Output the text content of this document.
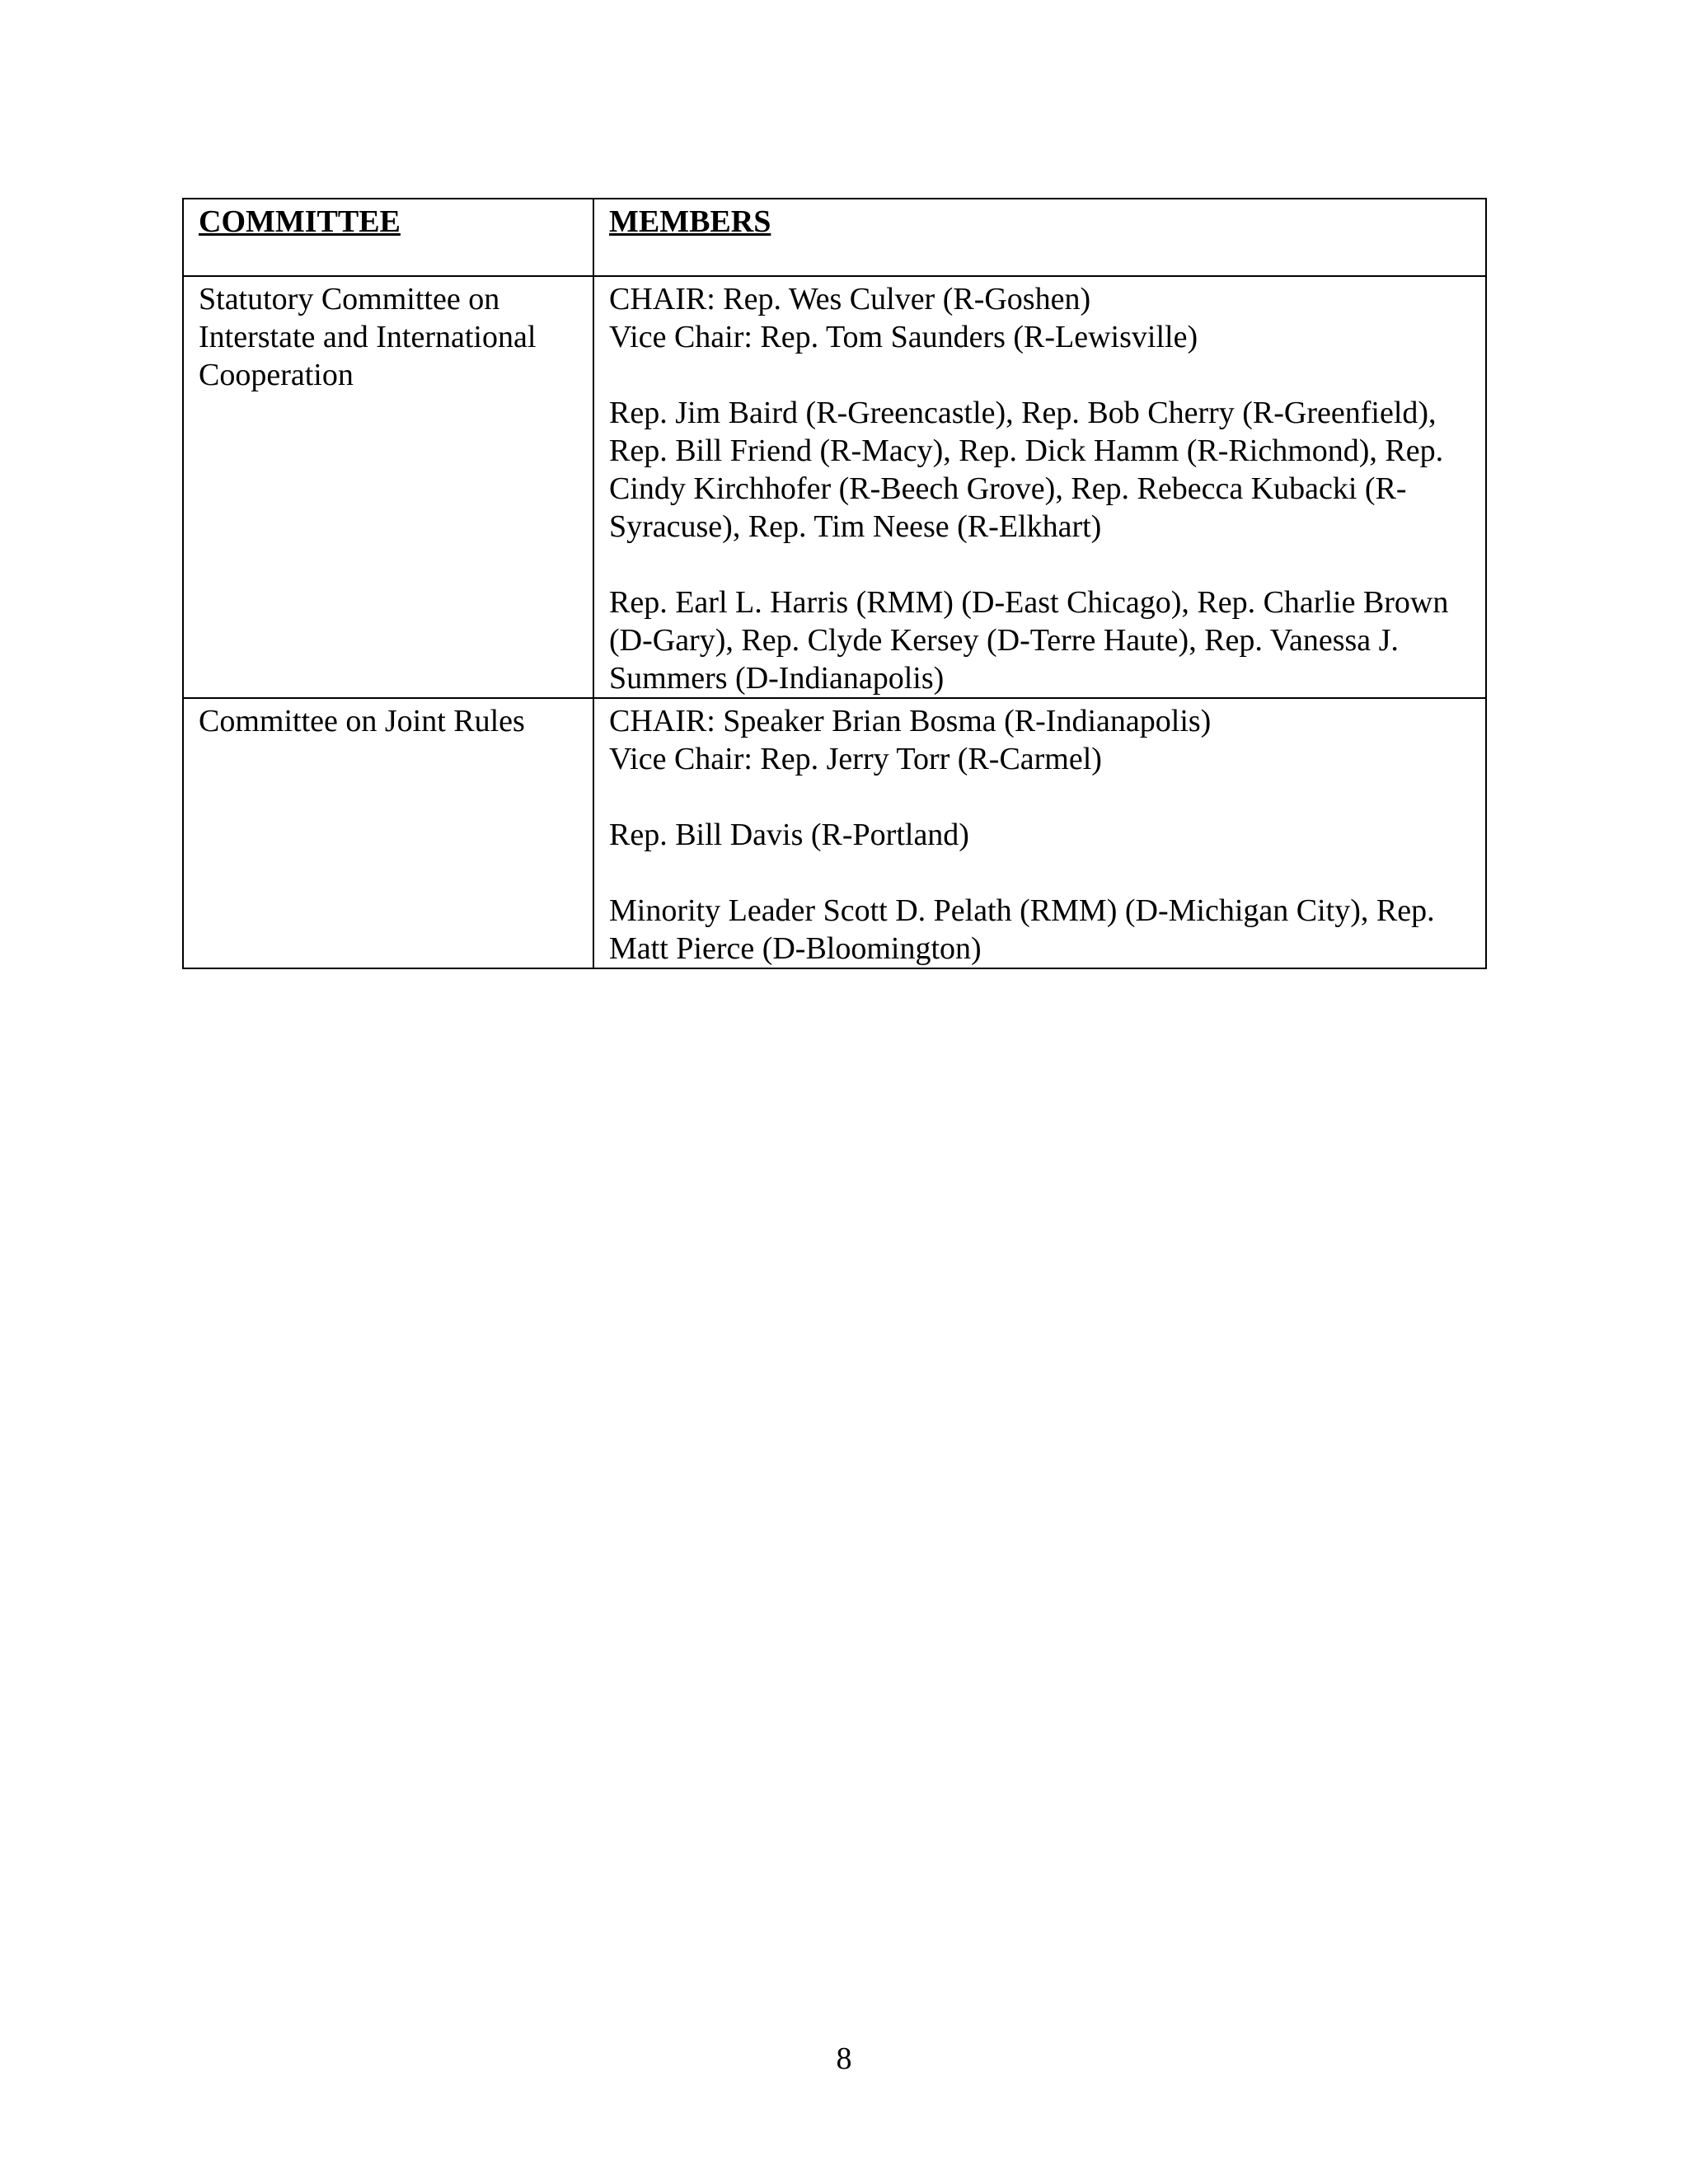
COMMITTEE	MEMBERS
Statutory Committee on Interstate and International Cooperation	CHAIR: Rep. Wes Culver (R-Goshen)
Vice Chair: Rep. Tom Saunders (R-Lewisville)
Rep. Jim Baird (R-Greencastle), Rep. Bob Cherry (R-Greenfield), Rep. Bill Friend (R-Macy), Rep. Dick Hamm (R-Richmond), Rep. Cindy Kirchhofer (R-Beech Grove), Rep. Rebecca Kubacki (R-Syracuse), Rep. Tim Neese (R-Elkhart)
Rep. Earl L. Harris (RMM) (D-East Chicago), Rep. Charlie Brown (D-Gary), Rep. Clyde Kersey (D-Terre Haute), Rep. Vanessa J. Summers (D-Indianapolis)

Committee on Joint Rules	CHAIR: Speaker Brian Bosma (R-Indianapolis)
Vice Chair: Rep. Jerry Torr (R-Carmel)
Rep. Bill Davis (R-Portland)
Minority Leader Scott D. Pelath (RMM) (D-Michigan City), Rep. Matt Pierce (D-Bloomington)
8
